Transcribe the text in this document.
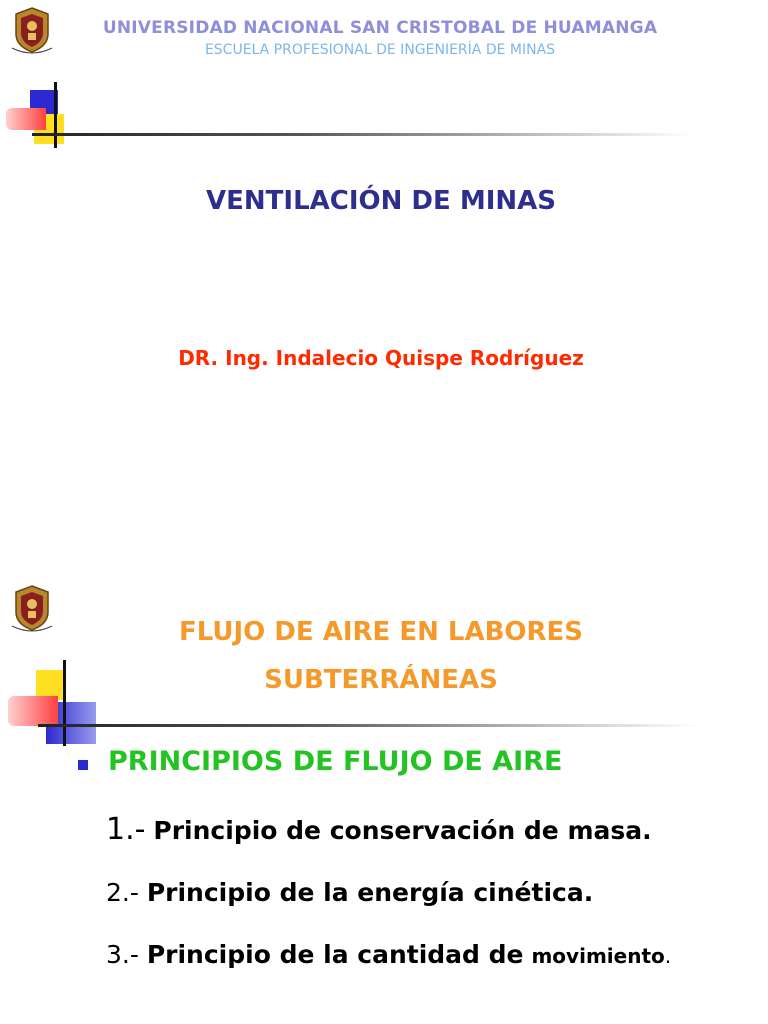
UNIVERSIDAD NACIONAL SAN CRISTOBAL DE HUAMANGA
ESCUELA PROFESIONAL DE INGENIERÍA DE MINAS
VENTILACIÓN DE MINAS
DR. Ing. Indalecio Quispe Rodríguez
FLUJO DE AIRE EN LABORES
SUBTERRÁNEAS
PRINCIPIOS DE FLUJO DE AIRE
1.- Principio de conservación de masa.
2.- Principio de la energía cinética.
3.- Principio de la cantidad de movimiento.
